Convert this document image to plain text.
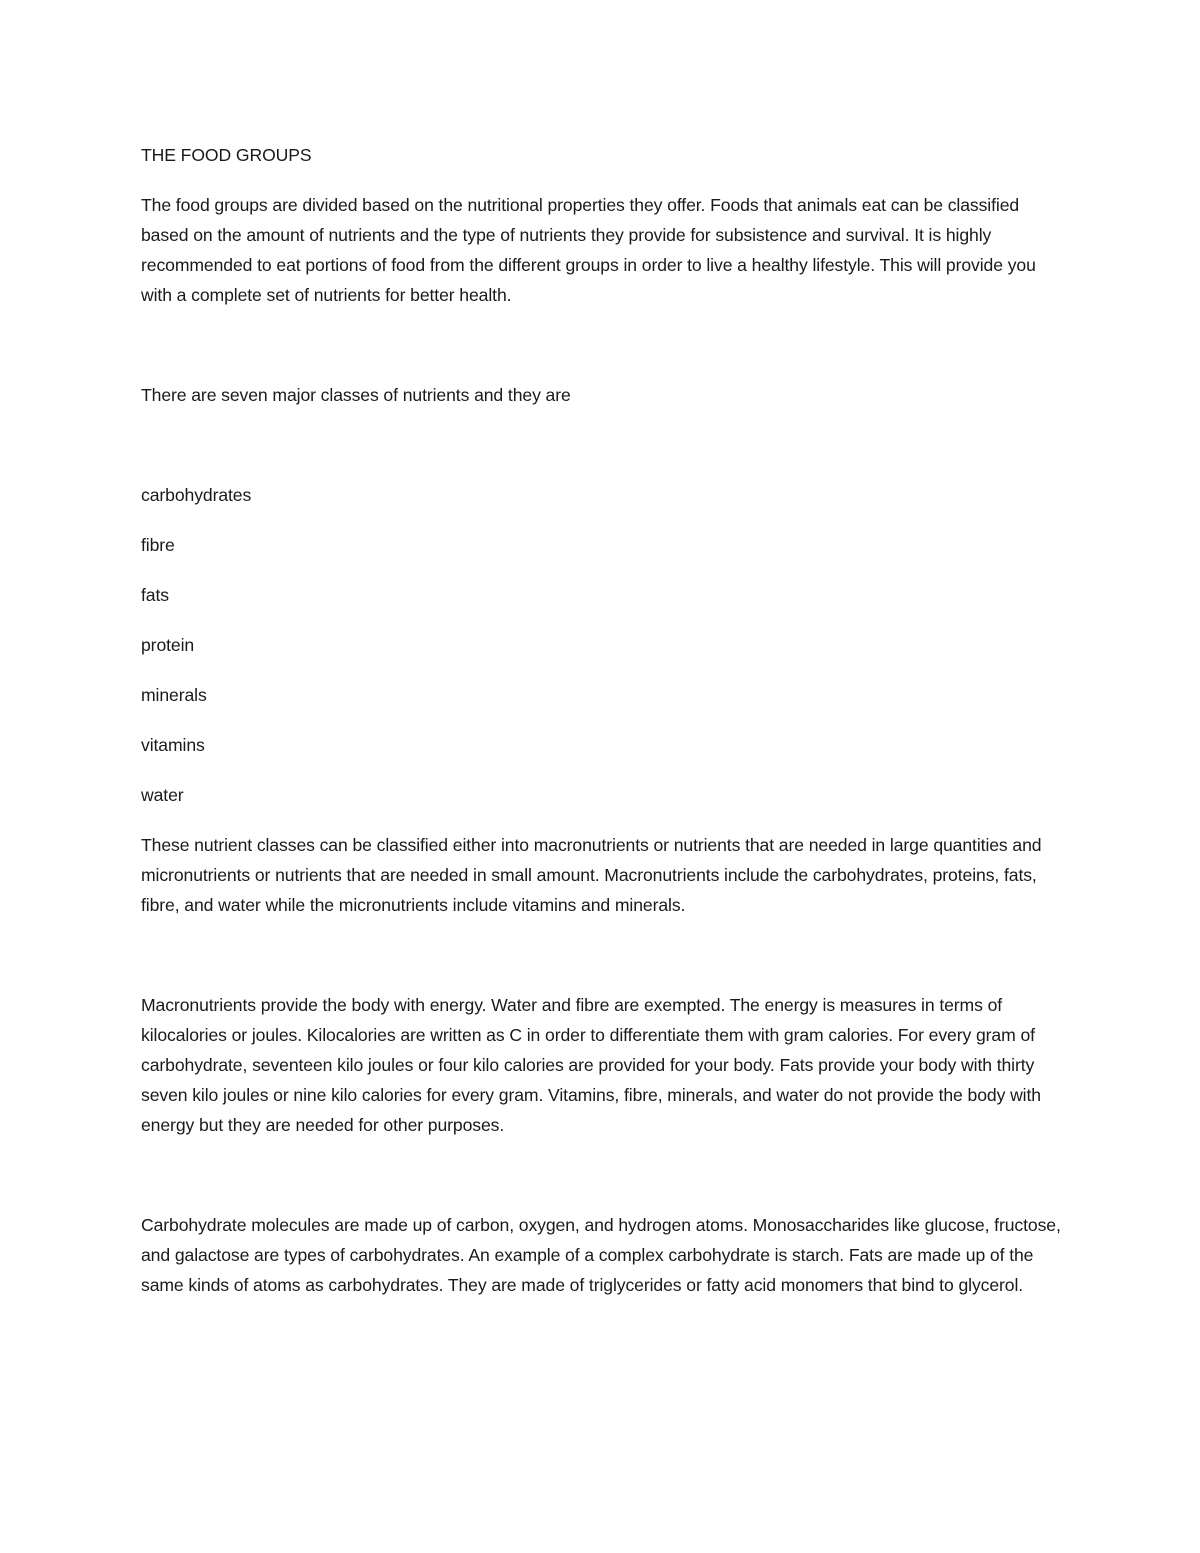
THE FOOD GROUPS

The food groups are divided based on the nutritional properties they offer. Foods that animals eat can be classified based on the amount of nutrients and the type of nutrients they provide for subsistence and survival. It is highly recommended to eat portions of food from the different groups in order to live a healthy lifestyle. This will provide you with a complete set of nutrients for better health.

There are seven major classes of nutrients and they are

carbohydrates
fibre
fats
protein
minerals
vitamins
water

These nutrient classes can be classified either into macronutrients or nutrients that are needed in large quantities and micronutrients or nutrients that are needed in small amount. Macronutrients include the carbohydrates, proteins, fats, fibre, and water while the micronutrients include vitamins and minerals.

Macronutrients provide the body with energy. Water and fibre are exempted. The energy is measures in terms of kilocalories or joules. Kilocalories are written as C in order to differentiate them with gram calories. For every gram of carbohydrate, seventeen kilo joules or four kilo calories are provided for your body. Fats provide your body with thirty seven kilo joules or nine kilo calories for every gram. Vitamins, fibre, minerals, and water do not provide the body with energy but they are needed for other purposes.

Carbohydrate molecules are made up of carbon, oxygen, and hydrogen atoms. Monosaccharides like glucose, fructose, and galactose are types of carbohydrates. An example of a complex carbohydrate is starch. Fats are made up of the same kinds of atoms as carbohydrates. They are made of triglycerides or fatty acid monomers that bind to glycerol.
